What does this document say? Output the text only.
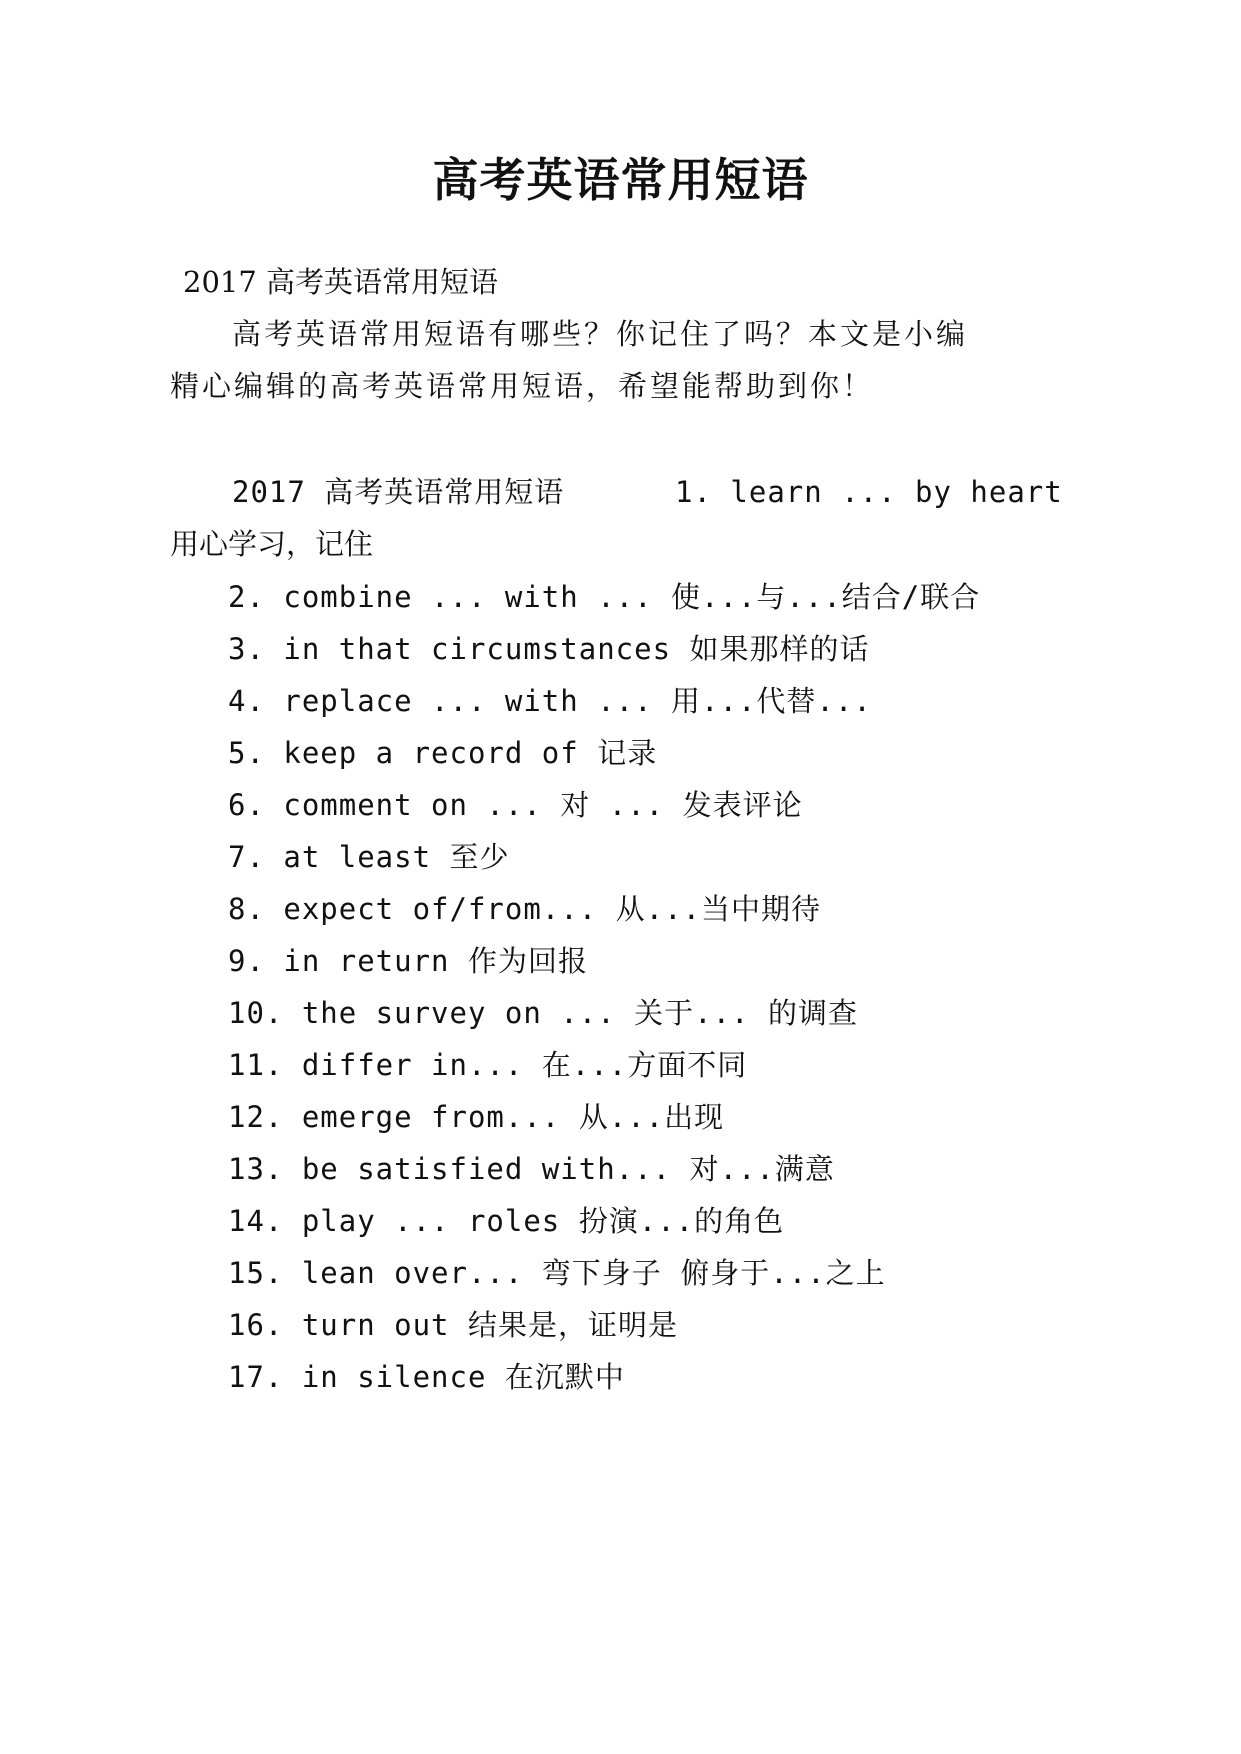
高考英语常用短语
2017 高考英语常用短语
高考英语常用短语有哪些？你记住了吗？本文是小编
精心编辑的高考英语常用短语，希望能帮助到你！
2017 高考英语常用短语      1. learn ... by heart
用心学习，记住
2. combine ... with ... 使...与...结合/联合
3. in that circumstances 如果那样的话
4. replace ... with ... 用...代替...
5. keep a record of 记录
6. comment on ... 对 ... 发表评论
7. at least 至少
8. expect of/from... 从...当中期待
9. in return 作为回报
10. the survey on ... 关于... 的调查
11. differ in... 在...方面不同
12. emerge from... 从...出现
13. be satisfied with... 对...满意
14. play ... roles 扮演...的角色
15. lean over... 弯下身子 俯身于...之上
16. turn out 结果是，证明是
17. in silence 在沉默中
